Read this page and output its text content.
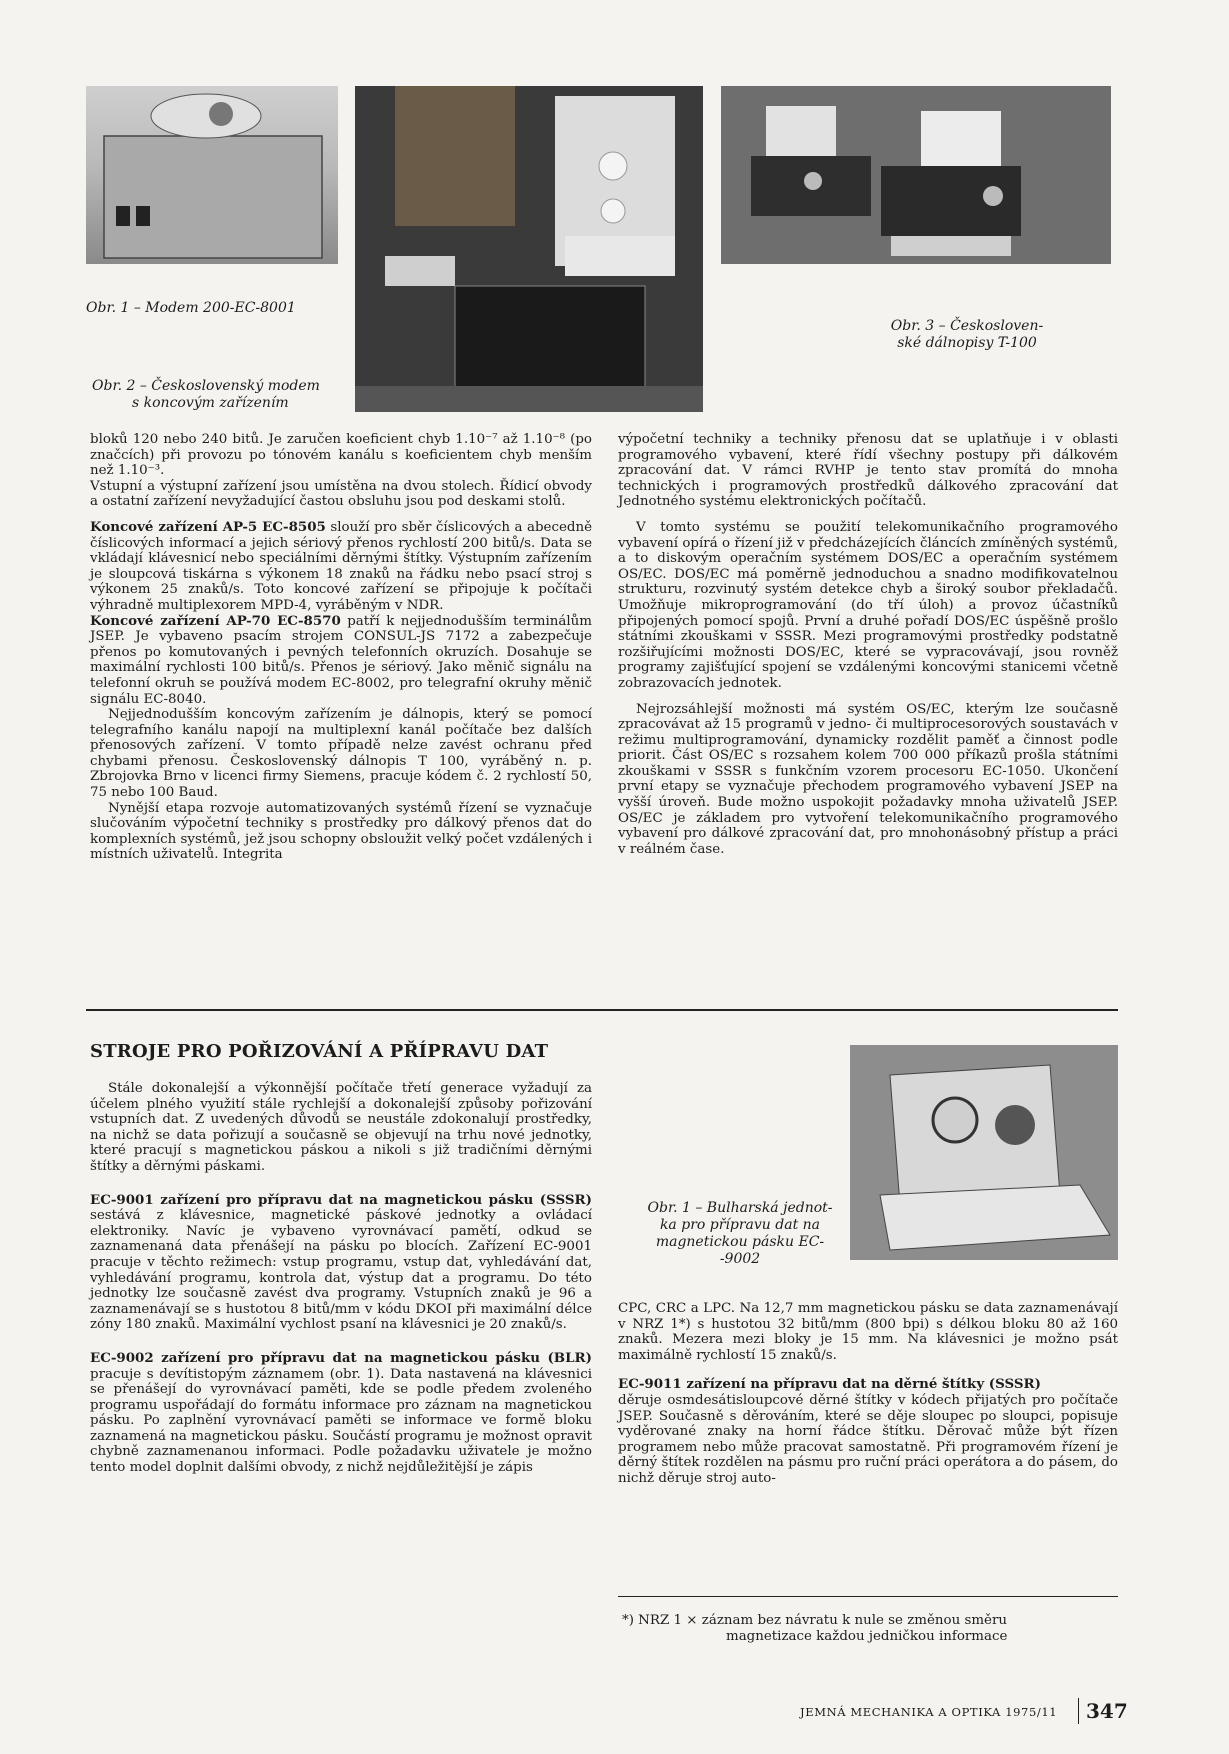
Obr. 1 – Modem 200-EC-8001
Obr. 2 – Československý modem
s koncovým zařízením
Obr. 3 – Českosloven-
ské dálnopisy T-100

bloků 120 nebo 240 bitů. Je zaručen koeficient chyb 1.10⁻⁷ až 1.10⁻⁸ (po značcích) při provozu po tónovém kanálu s koeficientem chyb menším než 1.10⁻³.

Vstupní a výstupní zařízení jsou umístěna na dvou stolech. Řídicí obvody a ostatní zařízení nevyžadující častou obsluhu jsou pod deskami stolů.

Koncové zařízení AP-5 EC-8505 slouží pro sběr číslicových a abecedně číslicových informací a jejich sériový přenos rychlostí 200 bitů/s. Data se vkládají klávesnicí nebo speciálními děrnými štítky. Výstupním zařízením je sloupcová tiskárna s výkonem 18 znaků na řádku nebo psací stroj s výkonem 25 znaků/s. Toto koncové zařízení se připojuje k počítači výhradně multiplexorem MPD-4, vyráběným v NDR.

Koncové zařízení AP-70 EC-8570 patří k nejjednodušším terminálům JSEP. Je vybaveno psacím strojem CONSUL-JS 7172 a zabezpečuje přenos po komutovaných i pevných telefonních okruzích. Dosahuje se maximální rychlosti 100 bitů/s. Přenos je sériový. Jako měnič signálu na telefonní okruh se používá modem EC-8002, pro telegrafní okruhy měnič signálu EC-8040.

Nejjednodušším koncovým zařízením je dálnopis, který se pomocí telegrafního kanálu napojí na multiplexní kanál počítače bez dalších přenosových zařízení. V tomto případě nelze zavést ochranu před chybami přenosu. Československý dálnopis T 100, vyráběný n. p. Zbrojovka Brno v licenci firmy Siemens, pracuje kódem č. 2 rychlostí 50, 75 nebo 100 Baud.

Nynější etapa rozvoje automatizovaných systémů řízení se vyznačuje slučováním výpočetní techniky s prostředky pro dálkový přenos dat do komplexních systémů, jež jsou schopny obsloužit velký počet vzdálených i místních uživatelů. Integrita

výpočetní techniky a techniky přenosu dat se uplatňuje i v oblasti programového vybavení, které řídí všechny postupy při dálkovém zpracování dat. V rámci RVHP je tento stav promítá do mnoha technických i programových prostředků dálkového zpracování dat Jednotného systému elektronických počítačů.

V tomto systému se použití telekomunikačního programového vybavení opírá o řízení již v předcházejících článcích zmíněných systémů, a to diskovým operačním systémem DOS/EC a operačním systémem OS/EC. DOS/EC má poměrně jednoduchou a snadno modifikovatelnou strukturu, rozvinutý systém detekce chyb a široký soubor překladačů. Umožňuje mikroprogramování (do tří úloh) a provoz účastníků připojených pomocí spojů. První a druhé pořadí DOS/EC úspěšně prošlo státními zkouškami v SSSR. Mezi programovými prostředky podstatně rozšiřujícími možnosti DOS/EC, které se vypracovávají, jsou rovněž programy zajišťující spojení se vzdálenými koncovými stanicemi včetně zobrazovacích jednotek.

Nejrozsáhlejší možnosti má systém OS/EC, kterým lze současně zpracovávat až 15 programů v jedno- či multiprocesorových soustavách v režimu multiprogramování, dynamicky rozdělit paměť a činnost podle priorit. Část OS/EC s rozsahem kolem 700 000 příkazů prošla státními zkouškami v SSSR s funkčním vzorem procesoru EC-1050. Ukončení první etapy se vyznačuje přechodem programového vybavení JSEP na vyšší úroveň. Bude možno uspokojit požadavky mnoha uživatelů JSEP. OS/EC je základem pro vytvoření telekomunikačního programového vybavení pro dálkové zpracování dat, pro mnohonásobný přístup a práci v reálném čase.

STROJE PRO POŘIZOVÁNÍ A PŘÍPRAVU DAT

Stále dokonalejší a výkonnější počítače třetí generace vyžadují za účelem plného využití stále rychlejší a dokonalejší způsoby pořizování vstupních dat. Z uvedených důvodů se neustále zdokonalují prostředky, na nichž se data pořizují a současně se objevují na trhu nové jednotky, které pracují s magnetickou páskou a nikoli s již tradičními děrnými štítky a děrnými páskami.

EC-9001 zařízení pro přípravu dat na magnetickou pásku (SSSR) sestává z klávesnice, magnetické páskové jednotky a ovládací elektroniky. Navíc je vybaveno vyrovnávací pamětí, odkud se zaznamenaná data přenášejí na pásku po blocích. Zařízení EC-9001 pracuje v těchto režimech: vstup programu, vstup dat, vyhledávání dat, vyhledávání programu, kontrola dat, výstup dat a programu. Do této jednotky lze současně zavést dva programy. Vstupních znaků je 96 a zaznamenávají se s hustotou 8 bitů/mm v kódu DKOI při maximální délce zóny 180 znaků. Maximální vychlost psaní na klávesnici je 20 znaků/s.

EC-9002 zařízení pro přípravu dat na magnetickou pásku (BLR) pracuje s devítistopým záznamem (obr. 1). Data nastavená na klávesnici se přenášejí do vyrovnávací paměti, kde se podle předem zvoleného programu uspořádají do formátu informace pro záznam na magnetickou pásku. Po zaplnění vyrovnávací paměti se informace ve formě bloku zaznamená na magnetickou pásku. Součástí programu je možnost opravit chybně zaznamenanou informaci. Podle požadavku uživatele je možno tento model doplnit dalšími obvody, z nichž nejdůležitější je zápis

Obr. 1 – Bulharská jednot-
ka pro přípravu dat na
magnetickou pásku EC-
-9002

CPC, CRC a LPC. Na 12,7 mm magnetickou pásku se data zaznamenávají v NRZ 1*) s hustotou 32 bitů/mm (800 bpi) s délkou bloku 80 až 160 znaků. Mezera mezi bloky je 15 mm. Na klávesnici je možno psát maximálně rychlostí 15 znaků/s.

EC-9011 zařízení na přípravu dat na děrné štítky (SSSR)
děruje osmdesátisloupcové děrné štítky v kódech přijatých pro počítače JSEP. Současně s děrováním, které se děje sloupec po sloupci, popisuje vyděrované znaky na horní řádce štítku. Děrovač může být řízen programem nebo může pracovat samostatně. Při programovém řízení je děrný štítek rozdělen na pásmu pro ruční práci operátora a do pásem, do nichž děruje stroj auto-

*) NRZ 1 × záznam bez návratu k nule se změnou směru
magnetizace každou jedničkou informace
JEMNÁ MECHANIKA A OPTIKA 1975/11 347
